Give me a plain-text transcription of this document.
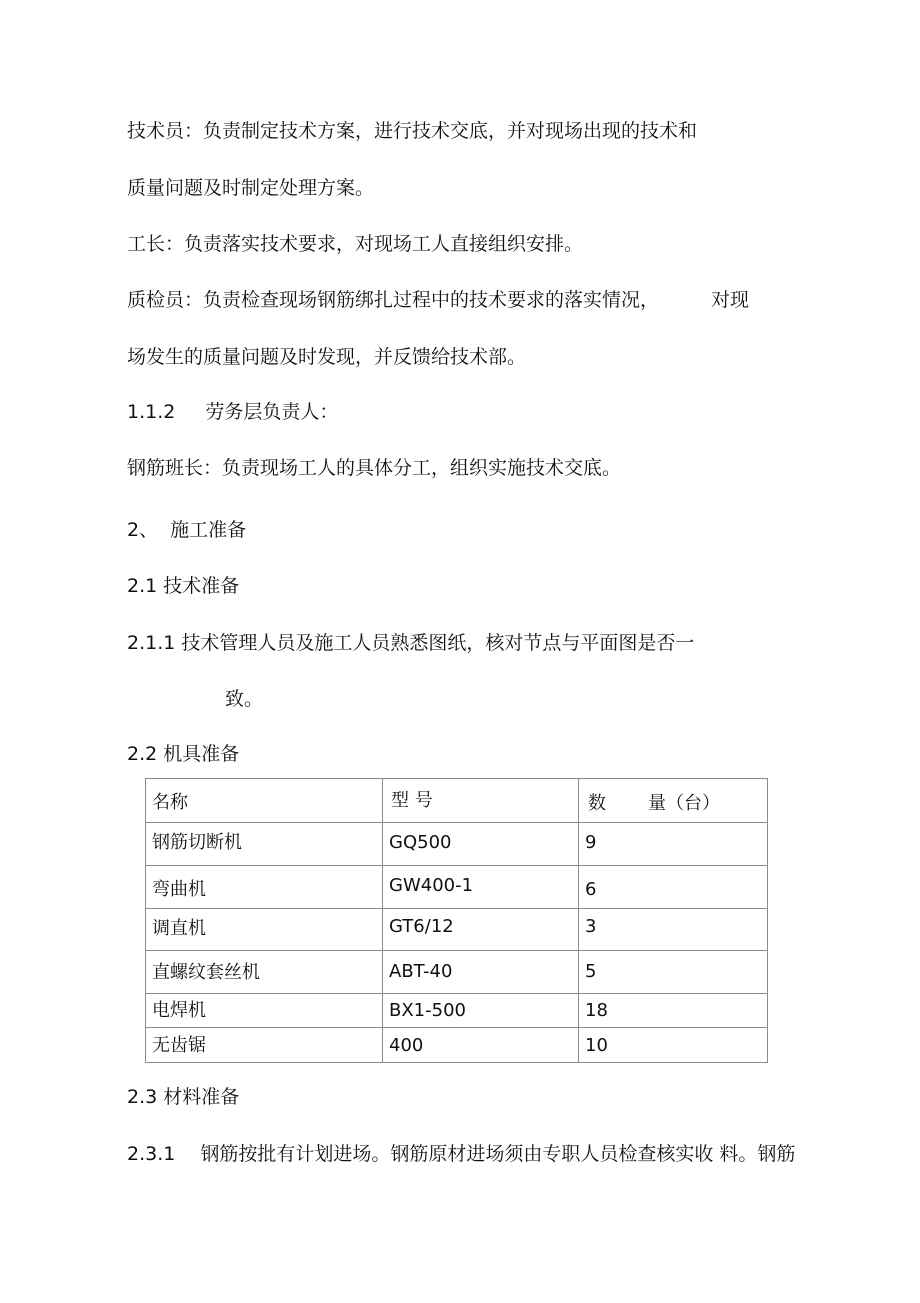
技术员：负责制定技术方案，进行技术交底，并对现场出现的技术和
质量问题及时制定处理方案。
工长：负责落实技术要求，对现场工人直接组织安排。
质检员：负责检查现场钢筋绑扎过程中的技术要求的落实情况，	对现
场发生的质量问题及时发现，并反馈给技术部。
1.1.2 劳务层负责人：
钢筋班长：负责现场工人的具体分工，组织实施技术交底。
2、 施工准备
2.1 技术准备
2.1.1 技术管理人员及施工人员熟悉图纸，核对节点与平面图是否一
致。
2.2 机具准备
名称	型 号	数 量（台）
钢筋切断机	GQ500	9
弯曲机	GW400-1	6
调直机	GT6/12	3
直螺纹套丝机	ABT-40	5
电焊机	BX1-500	18
无齿锯	400	10
2.3 材料准备
2.3.1 钢筋按批有计划进场。钢筋原材进场须由专职人员检查核实收 料。钢筋
